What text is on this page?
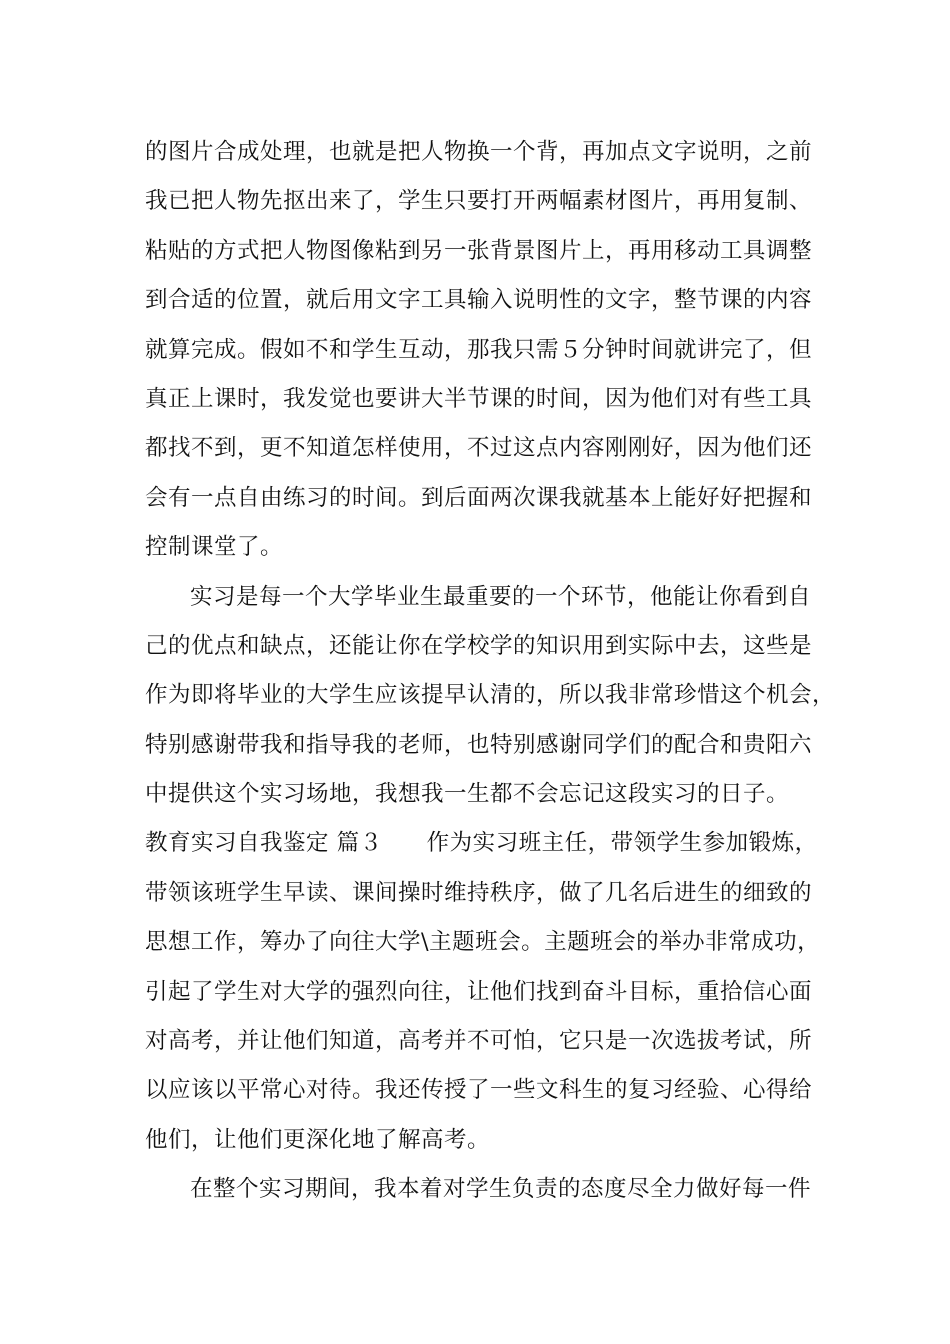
的图片合成处理，也就是把人物换一个背，再加点文字说明，之前
我已把人物先抠出来了，学生只要打开两幅素材图片，再用复制、
粘贴的方式把人物图像粘到另一张背景图片上，再用移动工具调整
到合适的位置，就后用文字工具输入说明性的文字，整节课的内容
就算完成。假如不和学生互动，那我只需５分钟时间就讲完了，但
真正上课时，我发觉也要讲大半节课的时间，因为他们对有些工具
都找不到，更不知道怎样使用，不过这点内容刚刚好，因为他们还
会有一点自由练习的时间。到后面两次课我就基本上能好好把握和
控制课堂了。
实习是每一个大学毕业生最重要的一个环节，他能让你看到自
己的优点和缺点，还能让你在学校学的知识用到实际中去，这些是
作为即将毕业的大学生应该提早认清的，所以我非常珍惜这个机会，
特别感谢带我和指导我的老师，也特别感谢同学们的配合和贵阳六
中提供这个实习场地，我想我一生都不会忘记这段实习的日子。
教育实习自我鉴定 篇３ 作为实习班主任，带领学生参加锻炼，
带领该班学生早读、课间操时维持秩序，做了几名后进生的细致的
思想工作，筹办了向往大学\主题班会。主题班会的举办非常成功，
引起了学生对大学的强烈向往，让他们找到奋斗目标，重拾信心面
对高考，并让他们知道，高考并不可怕，它只是一次选拔考试，所
以应该以平常心对待。我还传授了一些文科生的复习经验、心得给
他们，让他们更深化地了解高考。
在整个实习期间，我本着对学生负责的态度尽全力做好每一件
